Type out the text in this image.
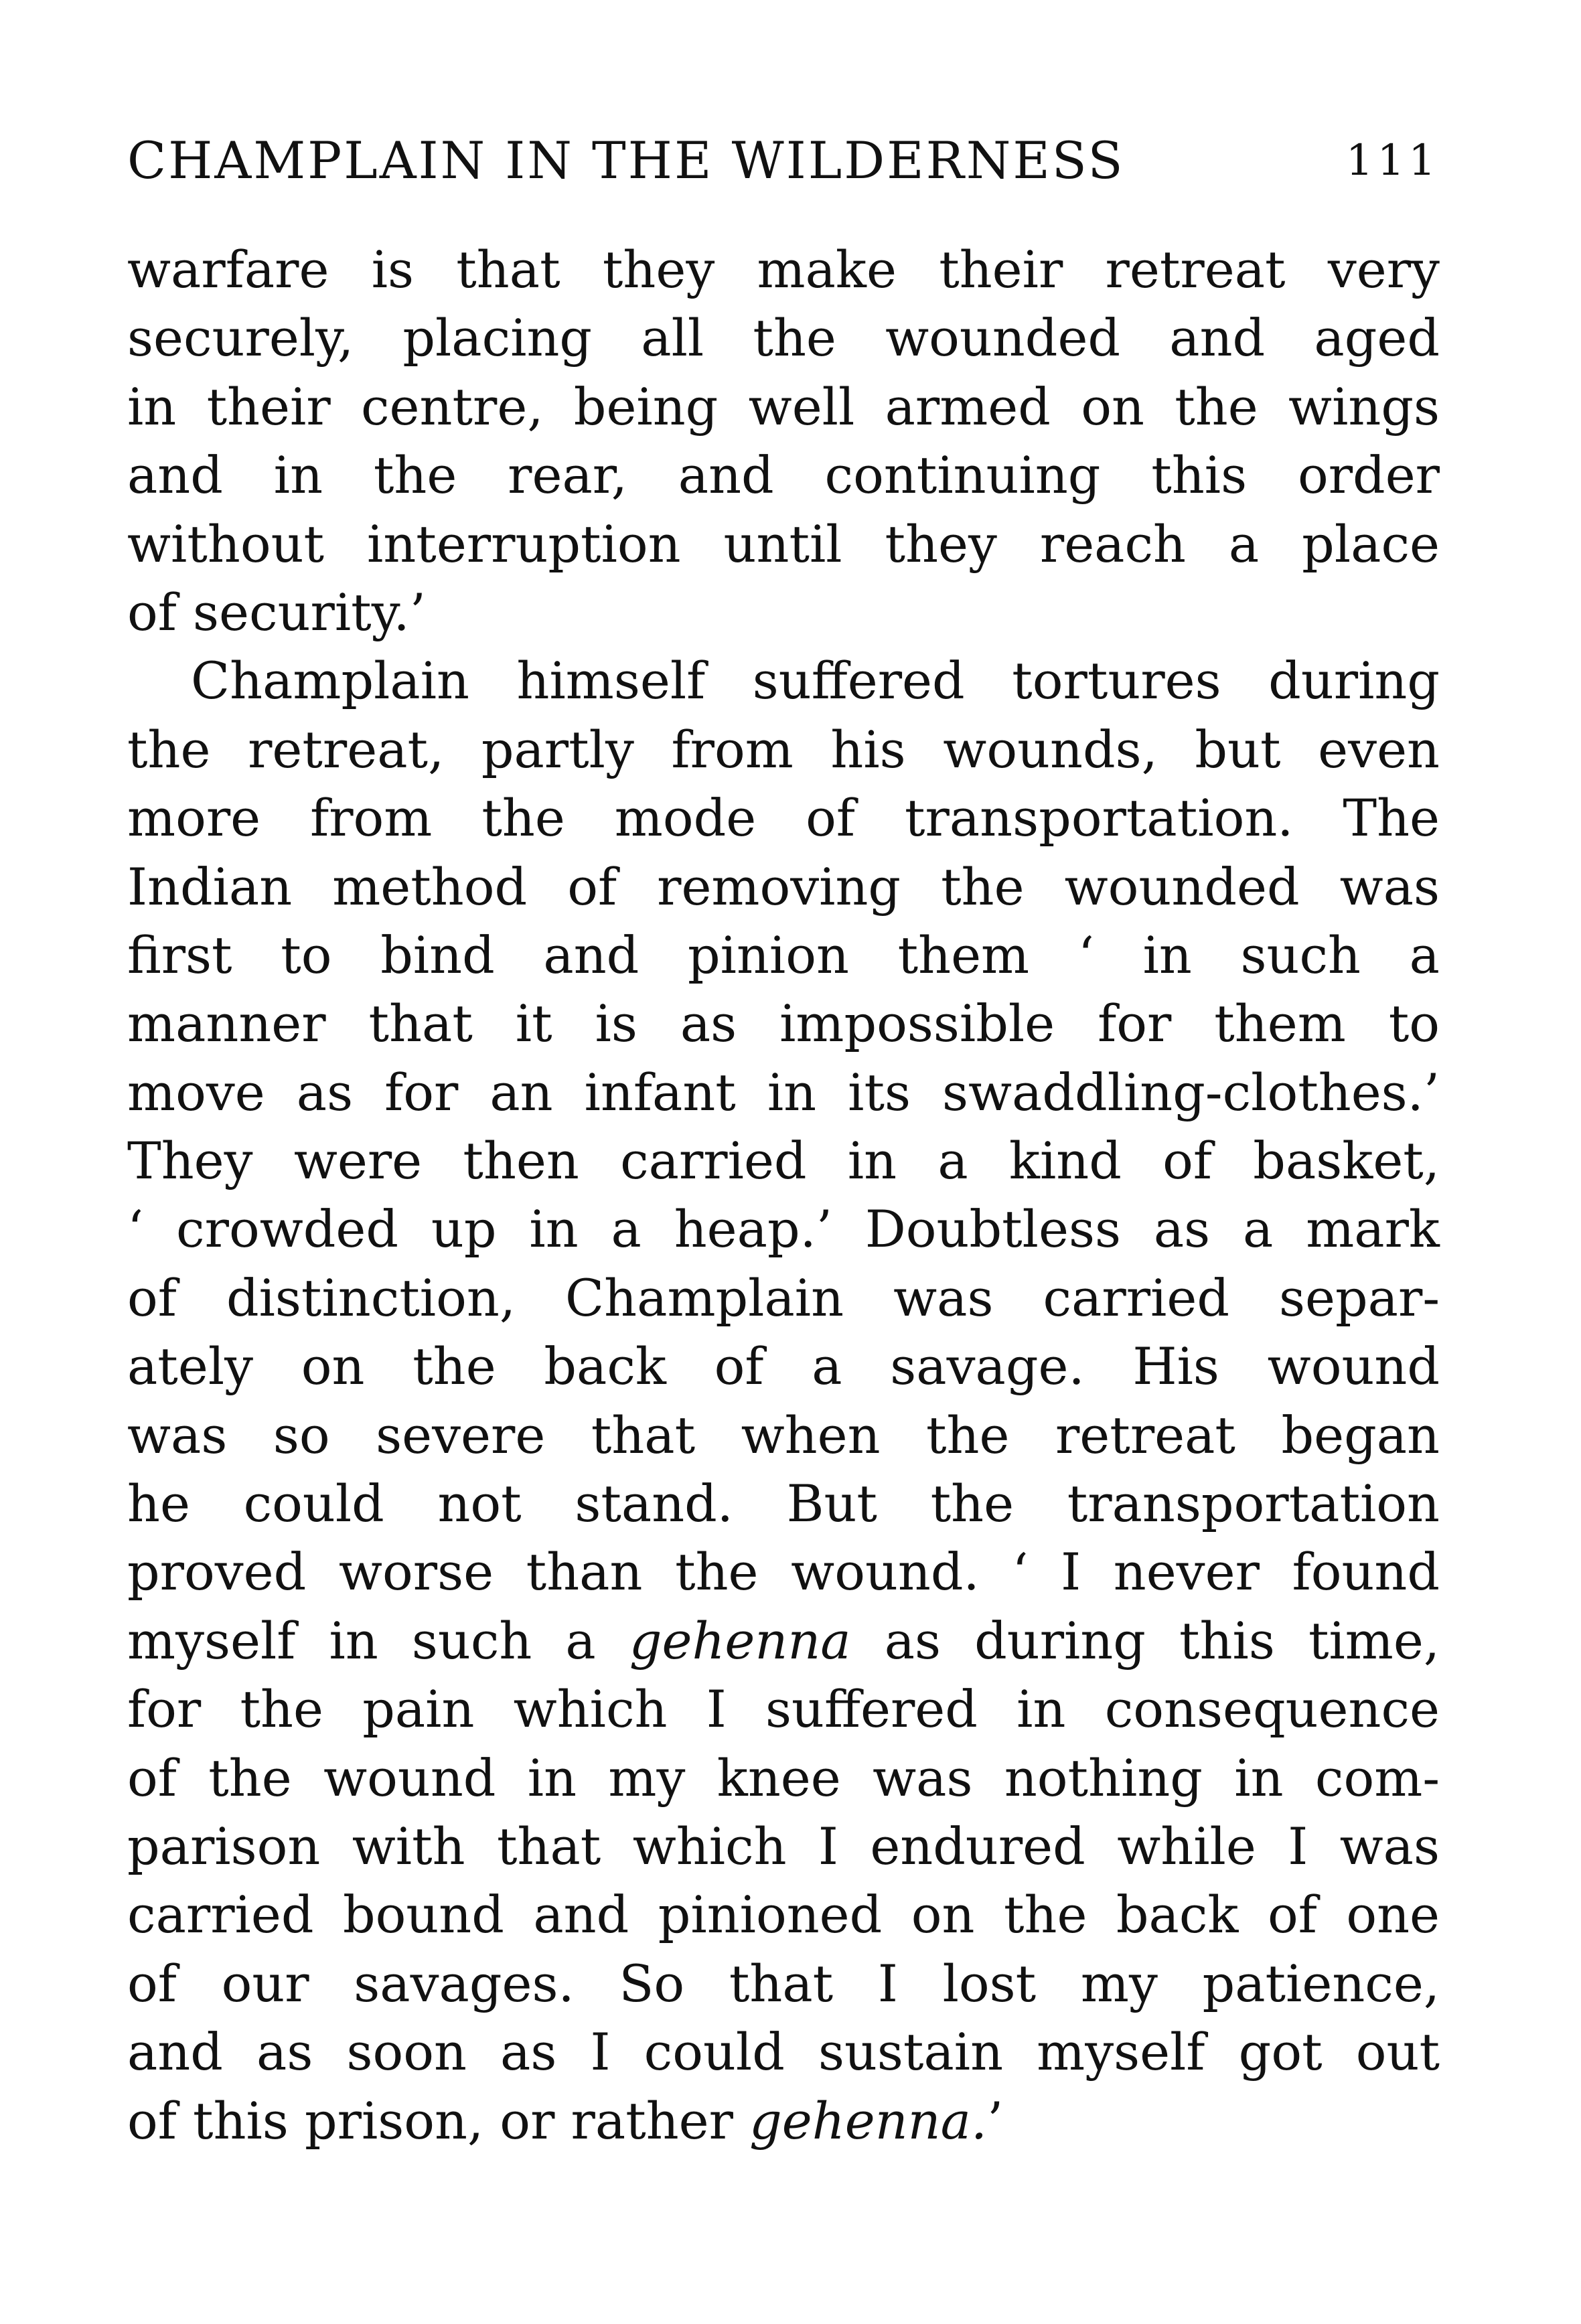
CHAMPLAIN IN THE WILDERNESS	111
warfare is that they make their retreat very
securely, placing all the wounded and aged
in their centre, being well armed on the wings
and in the rear, and continuing this order
without interruption until they reach a place
of security.’
Champlain himself suffered tortures during
the retreat, partly from his wounds, but even
more from the mode of transportation. The
Indian method of removing the wounded was
first to bind and pinion them ‘ in such a
manner that it is as impossible for them to
move as for an infant in its swaddling-clothes.’
They were then carried in a kind of basket,
‘ crowded up in a heap.’ Doubtless as a mark
of distinction, Champlain was carried separ-
ately on the back of a savage. His wound
was so severe that when the retreat began
he could not stand. But the transportation
proved worse than the wound. ‘ I never found
myself in such a gehenna as during this time,
for the pain which I suffered in consequence
of the wound in my knee was nothing in com-
parison with that which I endured while I was
carried bound and pinioned on the back of one
of our savages. So that I lost my patience,
and as soon as I could sustain myself got out
of this prison, or rather gehenna.’
